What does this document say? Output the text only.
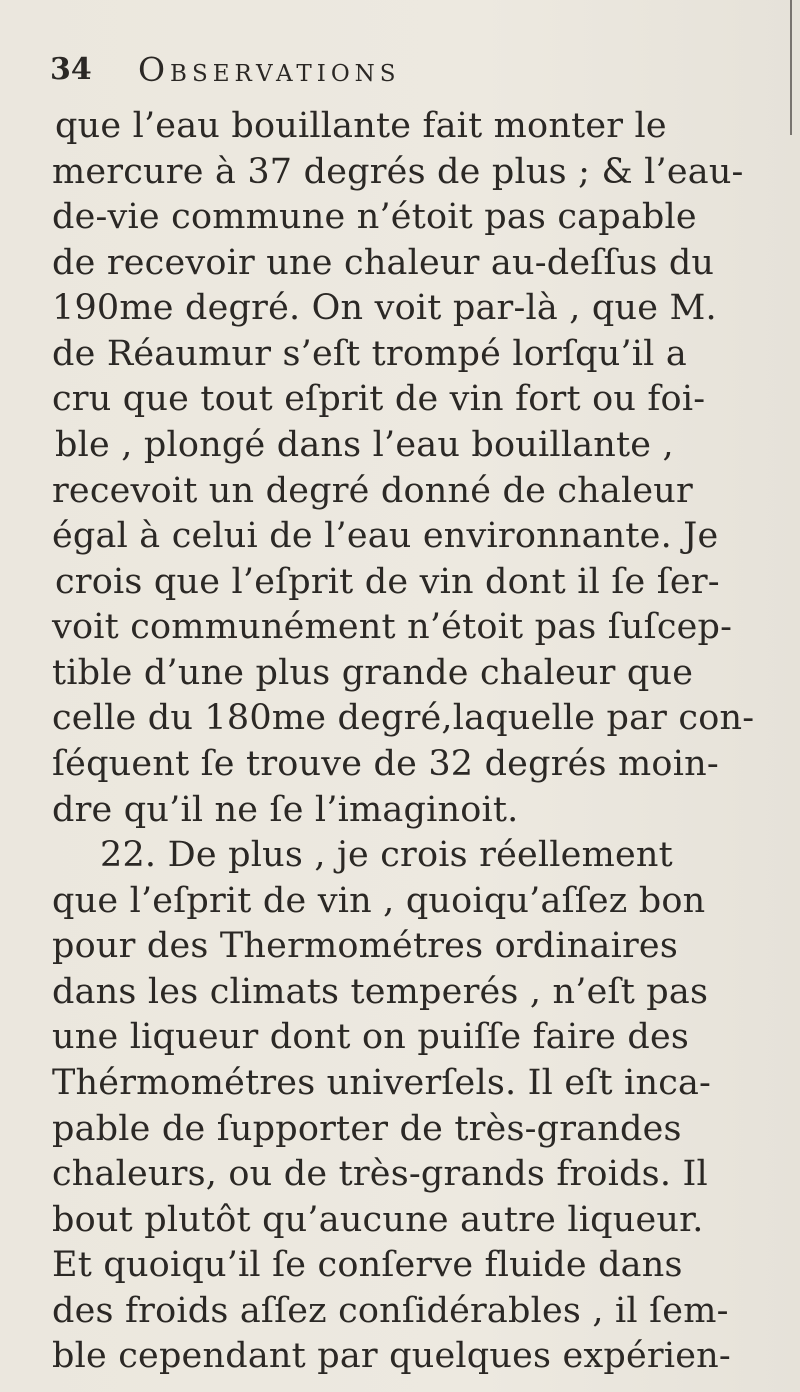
34 Observations
que l’eau bouillante fait monter le
mercure à 37 degrés de plus ; & l’eau-
de-vie commune n’étoit pas capable
de recevoir une chaleur au-deſſus du
190me degré. On voit par-là , que M.
de Réaumur s’eſt trompé lorſqu’il a
cru que tout eſprit de vin fort ou foi-
ble , plongé dans l’eau bouillante ,
recevoit un degré donné de chaleur
égal à celui de l’eau environnante. Je
crois que l’eſprit de vin dont il ſe ſer-
voit communément n’étoit pas ſuſcep-
tible d’une plus grande chaleur que
celle du 180me degré,laquelle par con-
ſéquent ſe trouve de 32 degrés moin-
dre qu’il ne ſe l’imaginoit.
22. De plus , je crois réellement
que l’eſprit de vin , quoiqu’aſſez bon
pour des Thermométres ordinaires
dans les climats temperés , n’eſt pas
une liqueur dont on puiſſe faire des
Thérmométres univerſels. Il eſt inca-
pable de ſupporter de très-grandes
chaleurs, ou de très-grands froids. Il
bout plutôt qu’aucune autre liqueur.
Et quoiqu’il ſe conſerve fluide dans
des froids aſſez conſidérables , il ſem-
ble cependant par quelques expérien-
